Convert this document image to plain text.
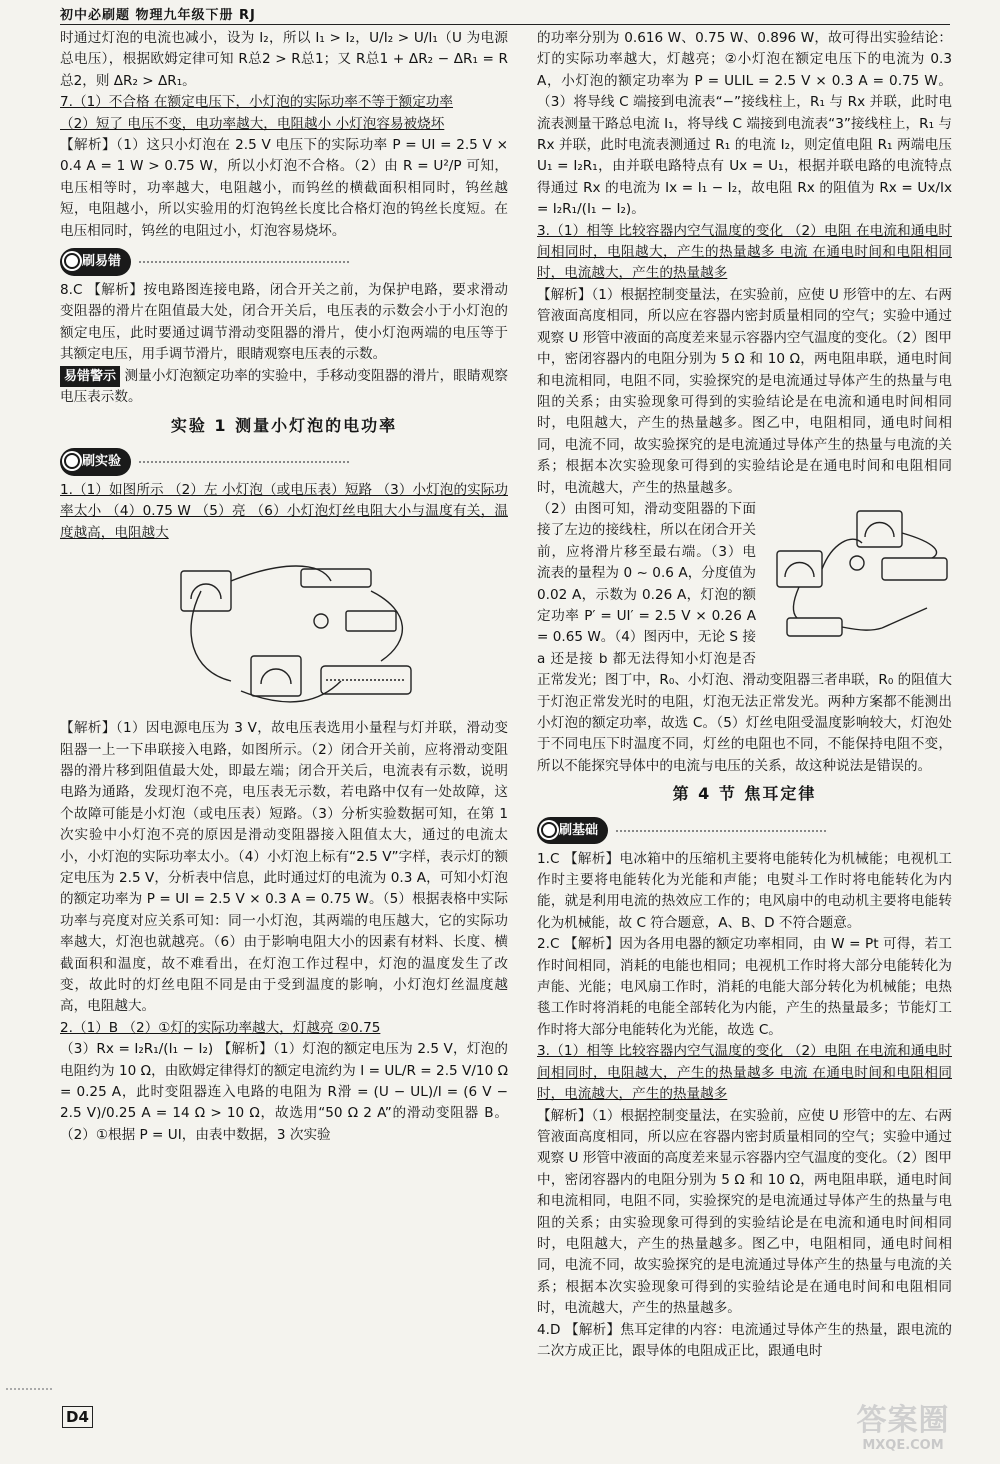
初中必刷题 物理九年级下册 RJ

时通过灯泡的电流也减小，设为 I₂，所以 I₁ > I₂，U/I₂ > U/I₁（U 为电源总电压），根据欧姆定律可知 R总2 > R总1；又 R总1 + ΔR₂ − ΔR₁ = R总2，则 ΔR₂ > ΔR₁。

7.（1）不合格 在额定电压下，小灯泡的实际功率不等于额定功率

（2）短了 电压不变，电功率越大，电阻越小 小灯泡容易被烧坏

【解析】（1）这只小灯泡在 2.5 V 电压下的实际功率 P = UI = 2.5 V × 0.4 A = 1 W > 0.75 W，所以小灯泡不合格。（2）由 R = U²/P 可知，电压相等时，功率越大，电阻越小，而钨丝的横截面积相同时，钨丝越短，电阻越小，所以实验用的灯泡钨丝长度比合格灯泡的钨丝长度短。在电压相同时，钨丝的电阻过小，灯泡容易烧坏。

刷易错

8.C 【解析】按电路图连接电路，闭合开关之前，为保护电路，要求滑动变阻器的滑片在阻值最大处，闭合开关后，电压表的示数会小于小灯泡的额定电压，此时要通过调节滑动变阻器的滑片，使小灯泡两端的电压等于其额定电压，用手调节滑片，眼睛观察电压表的示数。

易错警示 测量小灯泡额定功率的实验中，手移动变阻器的滑片，眼睛观察电压表示数。

实验 1 测量小灯泡的电功率
刷实验

1.（1）如图所示 （2）左 小灯泡（或电压表）短路 （3）小灯泡的实际功率太小 （4）0.75 W （5）亮 （6）小灯泡灯丝电阻大小与温度有关，温度越高，电阻越大

【解析】（1）因电源电压为 3 V，故电压表选用小量程与灯并联，滑动变阻器一上一下串联接入电路，如图所示。（2）闭合开关前，应将滑动变阻器的滑片移到阻值最大处，即最左端；闭合开关后，电流表有示数，说明电路为通路，发现灯泡不亮，电压表无示数，若电路中仅有一处故障，这个故障可能是小灯泡（或电压表）短路。（3）分析实验数据可知，在第 1 次实验中小灯泡不亮的原因是滑动变阻器接入阻值太大，通过的电流太小，小灯泡的实际功率太小。（4）小灯泡上标有“2.5 V”字样，表示灯的额定电压为 2.5 V，分析表中信息，此时通过灯的电流为 0.3 A，可知小灯泡的额定功率为 P = UI = 2.5 V × 0.3 A = 0.75 W。（5）根据表格中实际功率与亮度对应关系可知：同一小灯泡，其两端的电压越大，它的实际功率越大，灯泡也就越亮。（6）由于影响电阻大小的因素有材料、长度、横截面积和温度，故不难看出，在灯泡工作过程中，灯泡的温度发生了改变，故此时的灯丝电阻不同是由于受到温度的影响，小灯泡灯丝温度越高，电阻越大。

2.（1）B （2）①灯的实际功率越大，灯越亮 ②0.75

（3）Rx = I₂R₁/(I₁ − I₂) 【解析】（1）灯泡的额定电压为 2.5 V，灯泡的电阻约为 10 Ω，由欧姆定律得灯的额定电流约为 I = UL/R = 2.5 V/10 Ω = 0.25 A，此时变阻器连入电路的电阻为 R滑 = (U − UL)/I = (6 V − 2.5 V)/0.25 A = 14 Ω > 10 Ω，故选用“50 Ω 2 A”的滑动变阻器 B。（2）①根据 P = UI，由表中数据，3 次实验

的功率分别为 0.616 W、0.75 W、0.896 W，故可得出实验结论：灯的实际功率越大，灯越亮；②小灯泡在额定电压下的电流为 0.3 A，小灯泡的额定功率为 P = ULIL = 2.5 V × 0.3 A = 0.75 W。（3）将导线 C 端接到电流表“−”接线柱上，R₁ 与 Rx 并联，此时电流表测量干路总电流 I₁，将导线 C 端接到电流表“3”接线柱上，R₁ 与 Rx 并联，此时电流表测通过 R₁ 的电流 I₂，则定值电阻 R₁ 两端电压 U₁ = I₂R₁，由并联电路特点有 Ux = U₁，根据并联电路的电流特点得通过 Rx 的电流为 Ix = I₁ − I₂，故电阻 Rx 的阻值为 Rx = Ux/Ix = I₂R₁/(I₁ − I₂)。

3.（1）相等 比较容器内空气温度的变化 （2）电阻 在电流和通电时间相同时，电阻越大，产生的热量越多 电流 在通电时间和电阻相同时，电流越大，产生的热量越多

【解析】（1）根据控制变量法，在实验前，应使 U 形管中的左、右两管液面高度相同，所以应在容器内密封质量相同的空气；实验中通过观察 U 形管中液面的高度差来显示容器内空气温度的变化。（2）图甲中，密闭容器内的电阻分别为 5 Ω 和 10 Ω，两电阻串联，通电时间和电流相同，电阻不同，实验探究的是电流通过导体产生的热量与电阻的关系；由实验现象可得到的实验结论是在电流和通电时间相同时，电阻越大，产生的热量越多。图乙中，电阻相同，通电时间相同，电流不同，故实验探究的是电流通过导体产生的热量与电流的关系；根据本次实验现象可得到的实验结论是在通电时间和电阻相同时，电流越大，产生的热量越多。

（2）由图可知，滑动变阻器的下面接了左边的接线柱，所以在闭合开关前，应将滑片移至最右端。（3）电流表的量程为 0 ~ 0.6 A，分度值为 0.02 A，示数为 0.26 A，灯泡的额定功率 P′ = UI′ = 2.5 V × 0.26 A = 0.65 W。（4）图丙中，无论 S 接 a 还是接 b 都无法得知小灯泡是否正常发光；图丁中，R₀、小灯泡、滑动变阻器三者串联，R₀ 的阻值大于灯泡正常发光时的电阻，灯泡无法正常发光。两种方案都不能测出小灯泡的额定功率，故选 C。（5）灯丝电阻受温度影响较大，灯泡处于不同电压下时温度不同，灯丝的电阻也不同，不能保持电阻不变，所以不能探究导体中的电流与电压的关系，故这种说法是错误的。

第 4 节 焦耳定律
刷基础

1.C 【解析】电冰箱中的压缩机主要将电能转化为机械能；电视机工作时主要将电能转化为光能和声能；电熨斗工作时将电能转化为内能，就是利用电流的热效应工作的；电风扇中的电动机主要将电能转化为机械能，故 C 符合题意，A、B、D 不符合题意。

2.C 【解析】因为各用电器的额定功率相同，由 W = Pt 可得，若工作时间相同，消耗的电能也相同；电视机工作时将大部分电能转化为声能、光能；电风扇工作时，消耗的电能大部分转化为机械能；电热毯工作时将消耗的电能全部转化为内能，产生的热量最多；节能灯工作时将大部分电能转化为光能，故选 C。

3.（1）相等 比较容器内空气温度的变化 （2）电阻 在电流和通电时间相同时，电阻越大，产生的热量越多 电流 在通电时间和电阻相同时，电流越大，产生的热量越多

【解析】（1）根据控制变量法，在实验前，应使 U 形管中的左、右两管液面高度相同，所以应在容器内密封质量相同的空气；实验中通过观察 U 形管中液面的高度差来显示容器内空气温度的变化。（2）图甲中，密闭容器内的电阻分别为 5 Ω 和 10 Ω，两电阻串联，通电时间和电流相同，电阻不同，实验探究的是电流通过导体产生的热量与电阻的关系；由实验现象可得到的实验结论是在电流和通电时间相同时，电阻越大，产生的热量越多。图乙中，电阻相同，通电时间相同，电流不同，故实验探究的是电流通过导体产生的热量与电流的关系；根据本次实验现象可得到的实验结论是在通电时间和电阻相同时，电流越大，产生的热量越多。

4.D 【解析】焦耳定律的内容：电流通过导体产生的热量，跟电流的二次方成正比，跟导体的电阻成正比，跟通电时

D4	答案圈
MXQE.COM
